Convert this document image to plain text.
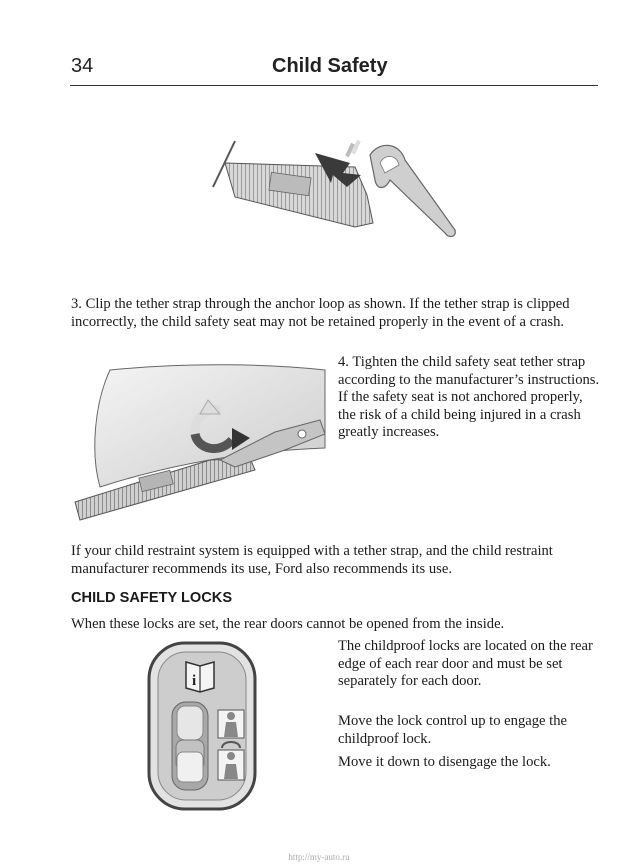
34	Child Safety

3. Clip the tether strap through the anchor loop as shown. If the tether strap is clipped incorrectly, the child safety seat may not be retained properly in the event of a crash.

4. Tighten the child safety seat tether strap according to the manufacturer’s instructions. If the safety seat is not anchored properly, the risk of a child being injured in a crash greatly increases.

If your child restraint system is equipped with a tether strap, and the child restraint manufacturer recommends its use, Ford also recommends its use.

CHILD SAFETY LOCKS

When these locks are set, the rear doors cannot be opened from the inside.

i

The childproof locks are located on the rear edge of each rear door and must be set separately for each door.

Move the lock control up to engage the childproof lock.

Move it down to disengage the lock.

http://my-auto.ru
